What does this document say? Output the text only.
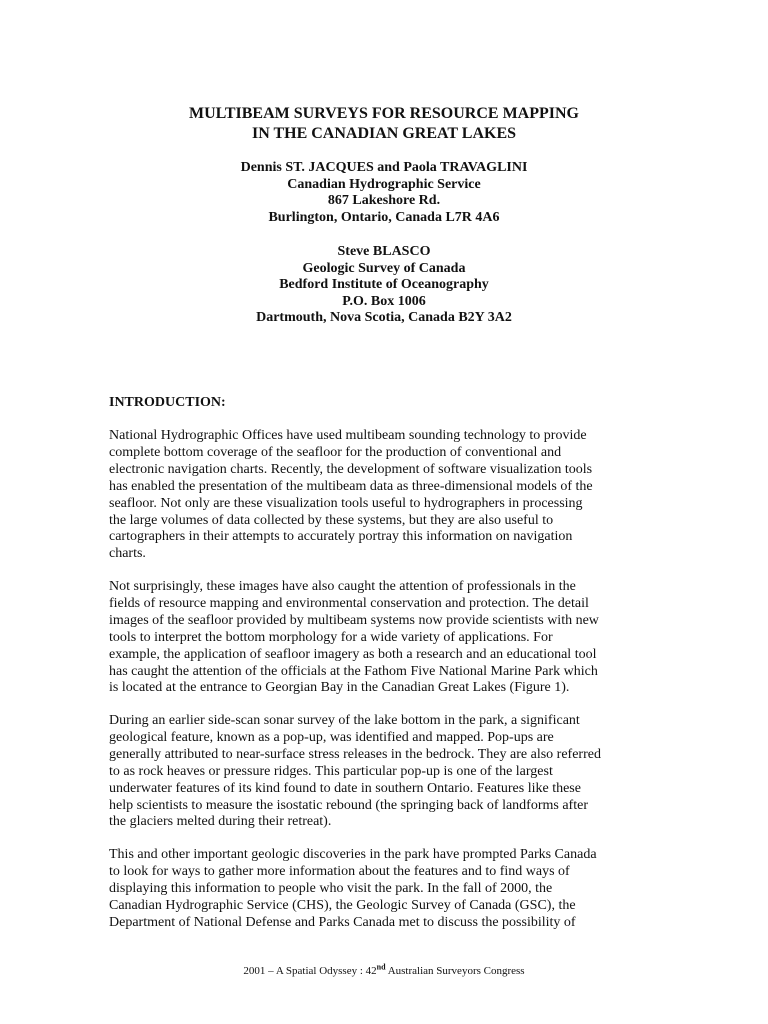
MULTIBEAM SURVEYS FOR RESOURCE MAPPING
IN THE CANADIAN GREAT LAKES
Dennis ST. JACQUES and Paola TRAVAGLINI
Canadian Hydrographic Service
867 Lakeshore Rd.
Burlington, Ontario, Canada L7R 4A6
Steve BLASCO
Geologic Survey of Canada
Bedford Institute of Oceanography
P.O. Box 1006
Dartmouth, Nova Scotia, Canada B2Y 3A2
INTRODUCTION:
National Hydrographic Offices have used multibeam sounding technology to provide
complete bottom coverage of the seafloor for the production of conventional and
electronic navigation charts. Recently, the development of software visualization tools
has enabled the presentation of the multibeam data as three-dimensional models of the
seafloor. Not only are these visualization tools useful to hydrographers in processing
the large volumes of data collected by these systems, but they are also useful to
cartographers in their attempts to accurately portray this information on navigation
charts.
Not surprisingly, these images have also caught the attention of professionals in the
fields of resource mapping and environmental conservation and protection. The detail
images of the seafloor provided by multibeam systems now provide scientists with new
tools to interpret the bottom morphology for a wide variety of applications. For
example, the application of seafloor imagery as both a research and an educational tool
has caught the attention of the officials at the Fathom Five National Marine Park which
is located at the entrance to Georgian Bay in the Canadian Great Lakes (Figure 1).
During an earlier side-scan sonar survey of the lake bottom in the park, a significant
geological feature, known as a pop-up, was identified and mapped. Pop-ups are
generally attributed to near-surface stress releases in the bedrock. They are also referred
to as rock heaves or pressure ridges. This particular pop-up is one of the largest
underwater features of its kind found to date in southern Ontario. Features like these
help scientists to measure the isostatic rebound (the springing back of landforms after
the glaciers melted during their retreat).
This and other important geologic discoveries in the park have prompted Parks Canada
to look for ways to gather more information about the features and to find ways of
displaying this information to people who visit the park. In the fall of 2000, the
Canadian Hydrographic Service (CHS), the Geologic Survey of Canada (GSC), the
Department of National Defense and Parks Canada met to discuss the possibility of
2001 – A Spatial Odyssey : 42nd Australian Surveyors Congress
